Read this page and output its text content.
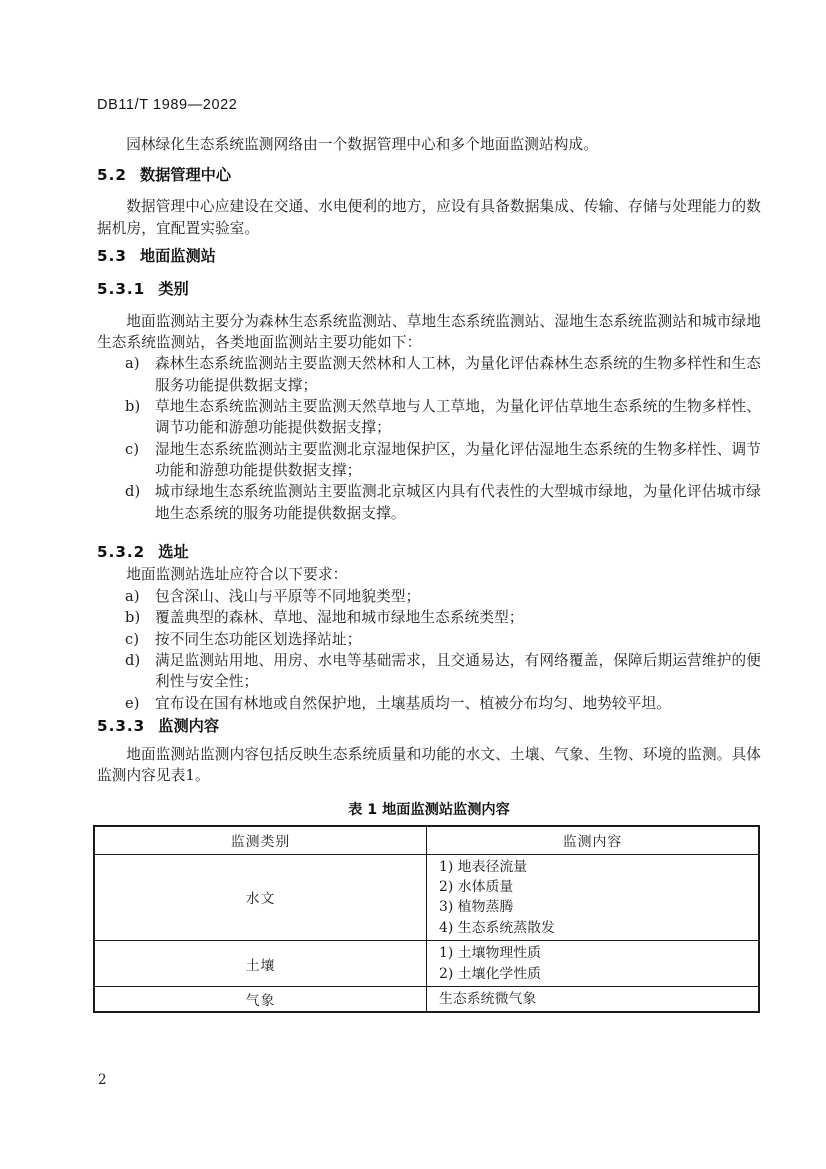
DB11/T 1989—2022

园林绿化生态系统监测网络由一个数据管理中心和多个地面监测站构成。

5.2 数据管理中心

数据管理中心应建设在交通、水电便利的地方，应设有具备数据集成、传输、存储与处理能力的数据机房，宜配置实验室。

5.3 地面监测站
5.3.1 类别

地面监测站主要分为森林生态系统监测站、草地生态系统监测站、湿地生态系统监测站和城市绿地生态系统监测站，各类地面监测站主要功能如下：

a) 森林生态系统监测站主要监测天然林和人工林，为量化评估森林生态系统的生物多样性和生态服务功能提供数据支撑；
b) 草地生态系统监测站主要监测天然草地与人工草地，为量化评估草地生态系统的生物多样性、调节功能和游憩功能提供数据支撑；
c) 湿地生态系统监测站主要监测北京湿地保护区，为量化评估湿地生态系统的生物多样性、调节功能和游憩功能提供数据支撑；
d) 城市绿地生态系统监测站主要监测北京城区内具有代表性的大型城市绿地，为量化评估城市绿地生态系统的服务功能提供数据支撑。
5.3.2 选址

地面监测站选址应符合以下要求：

a) 包含深山、浅山与平原等不同地貌类型；
b) 覆盖典型的森林、草地、湿地和城市绿地生态系统类型；
c) 按不同生态功能区划选择站址；
d) 满足监测站用地、用房、水电等基础需求，且交通易达，有网络覆盖，保障后期运营维护的便利性与安全性；
e) 宜布设在国有林地或自然保护地，土壤基质均一、植被分布均匀、地势较平坦。
5.3.3 监测内容

地面监测站监测内容包括反映生态系统质量和功能的水文、土壤、气象、生物、环境的监测。具体监测内容见表1。

表 1 地面监测站监测内容
监测类别	监测内容
水文	1) 地表径流量
2) 水体质量
3) 植物蒸腾
4) 生态系统蒸散发

土壤	1) 土壤物理性质
2) 土壤化学性质

气象	生态系统微气象
2
